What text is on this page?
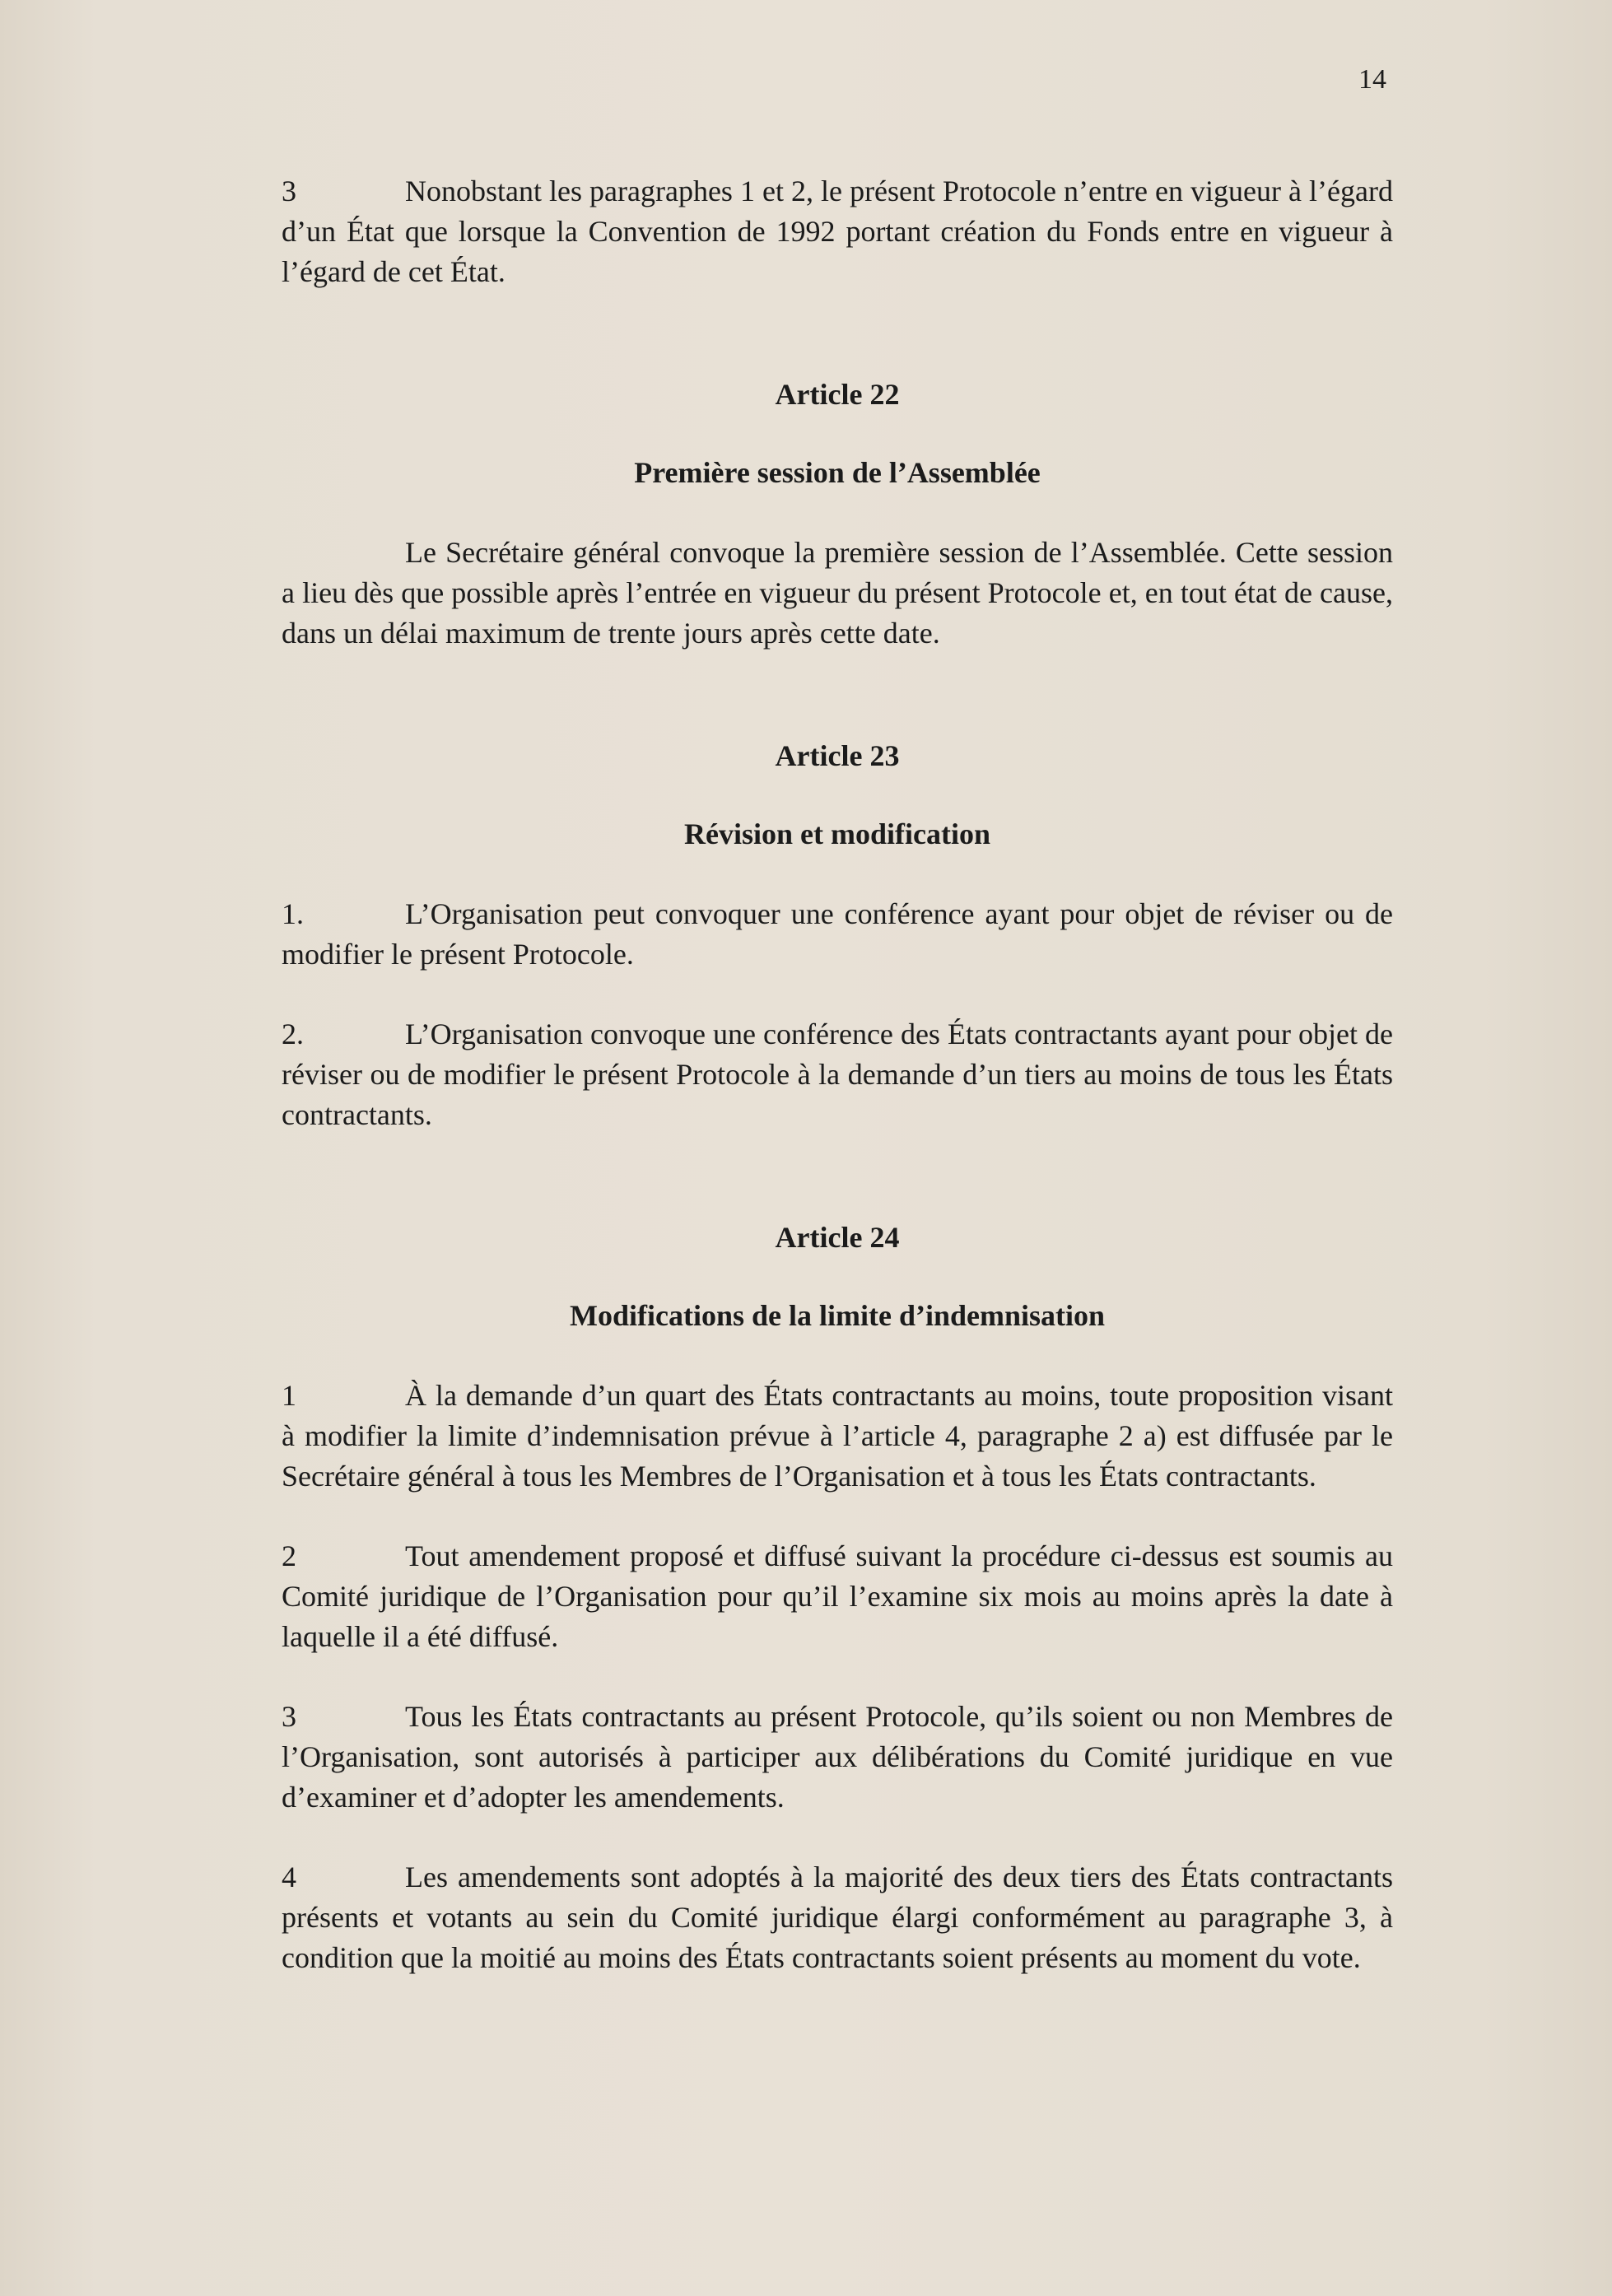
14

3	Nonobstant les paragraphes 1 et 2, le présent Protocole n’entre en vigueur à l’égard d’un État que lorsque la Convention de 1992 portant création du Fonds entre en vigueur à l’égard de cet État.

Article 22
Première session de l’Assemblée

Le Secrétaire général convoque la première session de l’Assemblée. Cette session a lieu dès que possible après l’entrée en vigueur du présent Protocole et, en tout état de cause, dans un délai maximum de trente jours après cette date.

Article 23
Révision et modification

1.	L’Organisation peut convoquer une conférence ayant pour objet de réviser ou de modifier le présent Protocole.

2.	L’Organisation convoque une conférence des États contractants ayant pour objet de réviser ou de modifier le présent Protocole à la demande d’un tiers au moins de tous les États contractants.

Article 24
Modifications de la limite d’indemnisation

1	À la demande d’un quart des États contractants au moins, toute proposition visant à modifier la limite d’indemnisation prévue à l’article 4, paragraphe 2 a) est diffusée par le Secrétaire général à tous les Membres de l’Organisation et à tous les États contractants.

2	Tout amendement proposé et diffusé suivant la procédure ci-dessus est soumis au Comité juridique de l’Organisation pour qu’il l’examine six mois au moins après la date à laquelle il a été diffusé.

3	Tous les États contractants au présent Protocole, qu’ils soient ou non Membres de l’Organisation, sont autorisés à participer aux délibérations du Comité juridique en vue d’examiner et d’adopter les amendements.

4	Les amendements sont adoptés à la majorité des deux tiers des États contractants présents et votants au sein du Comité juridique élargi conformément au paragraphe 3, à condition que la moitié au moins des États contractants soient présents au moment du vote.
